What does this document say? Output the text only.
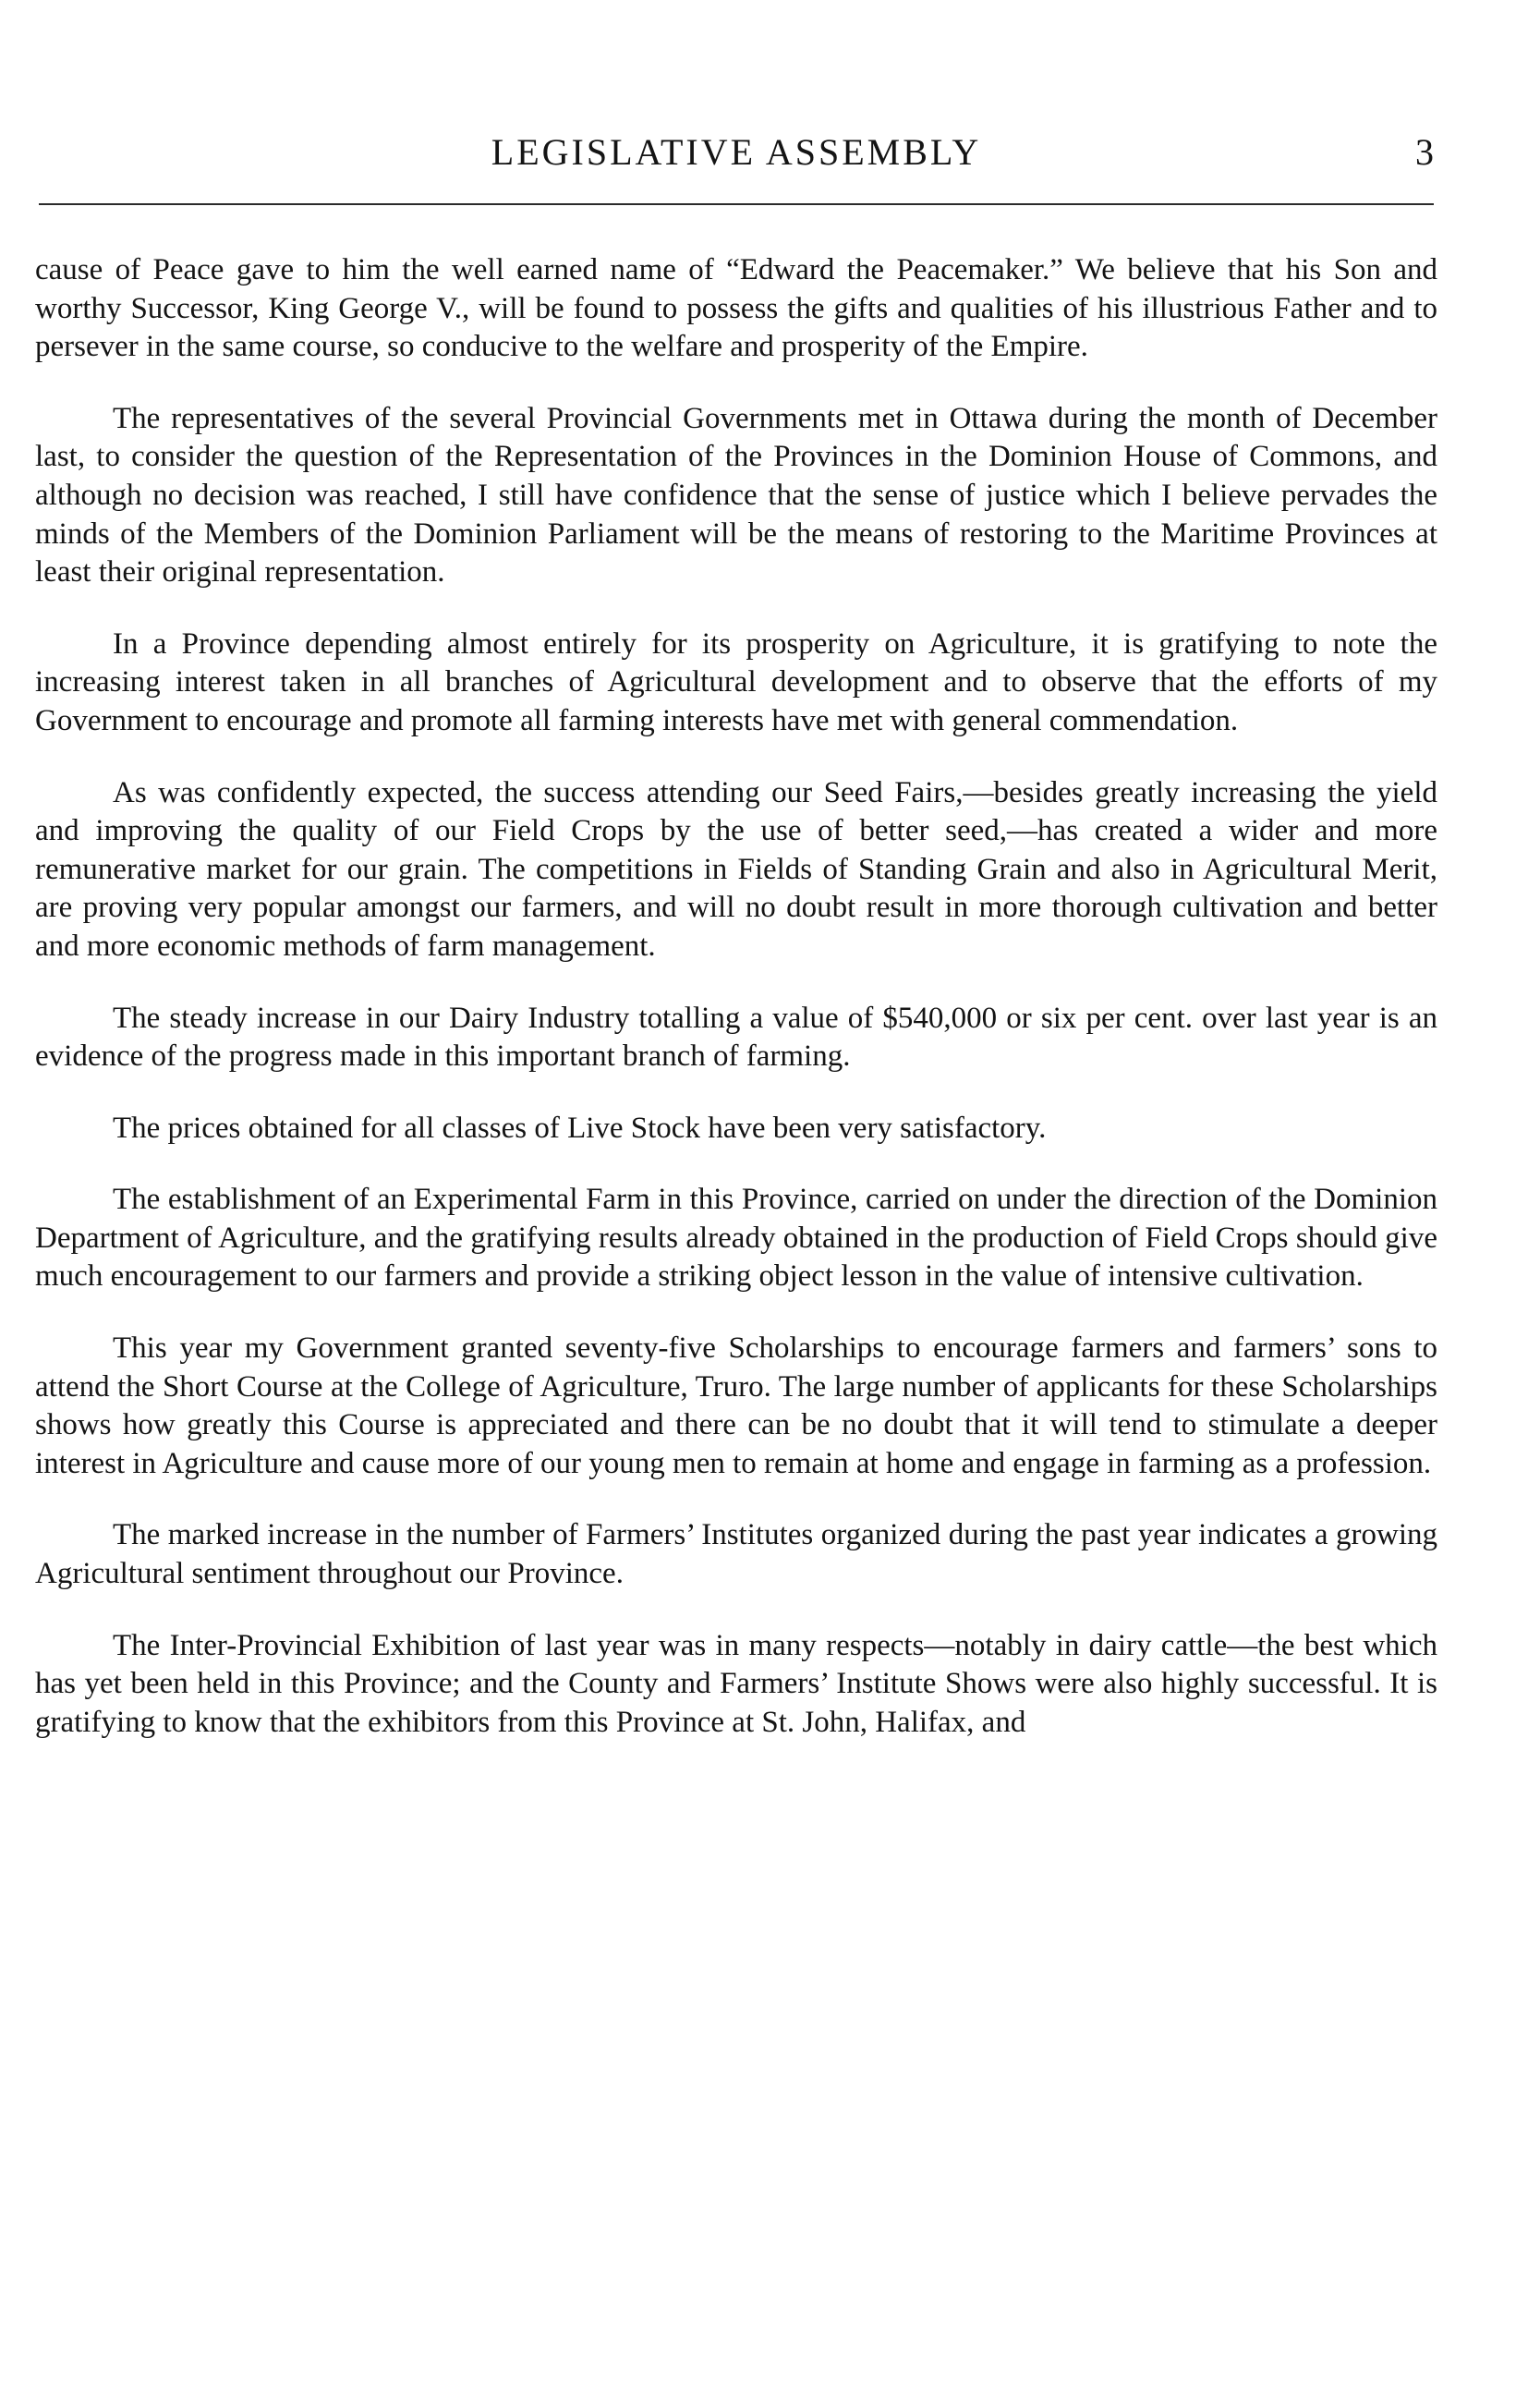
LEGISLATIVE ASSEMBLY	3

cause of Peace gave to him the well earned name of “Edward the Peacemaker.” We believe that his Son and worthy Successor, King George V., will be found to possess the gifts and qualities of his illustrious Father and to persever in the same course, so conducive to the welfare and prosperity of the Empire.

The representatives of the several Provincial Governments met in Ottawa during the month of December last, to consider the question of the Representation of the Provinces in the Dominion House of Commons, and although no decision was reached, I still have confidence that the sense of justice which I believe pervades the minds of the Members of the Dominion Parliament will be the means of restoring to the Maritime Provinces at least their original representation.

In a Province depending almost entirely for its prosperity on Agriculture, it is gratifying to note the increasing interest taken in all branches of Agricultural development and to observe that the efforts of my Government to encourage and promote all farming interests have met with general commendation.

As was confidently expected, the success attending our Seed Fairs,—besides greatly increasing the yield and improving the quality of our Field Crops by the use of better seed,—has created a wider and more remunerative market for our grain. The competitions in Fields of Standing Grain and also in Agricultural Merit, are proving very popular amongst our farmers, and will no doubt result in more thorough cultivation and better and more economic methods of farm management.

The steady increase in our Dairy Industry totalling a value of $540,000 or six per cent. over last year is an evidence of the progress made in this important branch of farming.

The prices obtained for all classes of Live Stock have been very satisfactory.

The establishment of an Experimental Farm in this Province, carried on under the direction of the Dominion Department of Agriculture, and the gratifying results already obtained in the production of Field Crops should give much encouragement to our farmers and provide a striking object lesson in the value of intensive cultivation.

This year my Government granted seventy-five Scholarships to encourage farmers and farmers’ sons to attend the Short Course at the College of Agriculture, Truro. The large number of applicants for these Scholarships shows how greatly this Course is appreciated and there can be no doubt that it will tend to stimulate a deeper interest in Agriculture and cause more of our young men to remain at home and engage in farming as a profession.

The marked increase in the number of Farmers’ Institutes organized during the past year indicates a growing Agricultural sentiment throughout our Province.

The Inter-Provincial Exhibition of last year was in many respects—notably in dairy cattle—the best which has yet been held in this Province; and the County and Farmers’ Institute Shows were also highly successful. It is gratifying to know that the exhibitors from this Province at St. John, Halifax, and
